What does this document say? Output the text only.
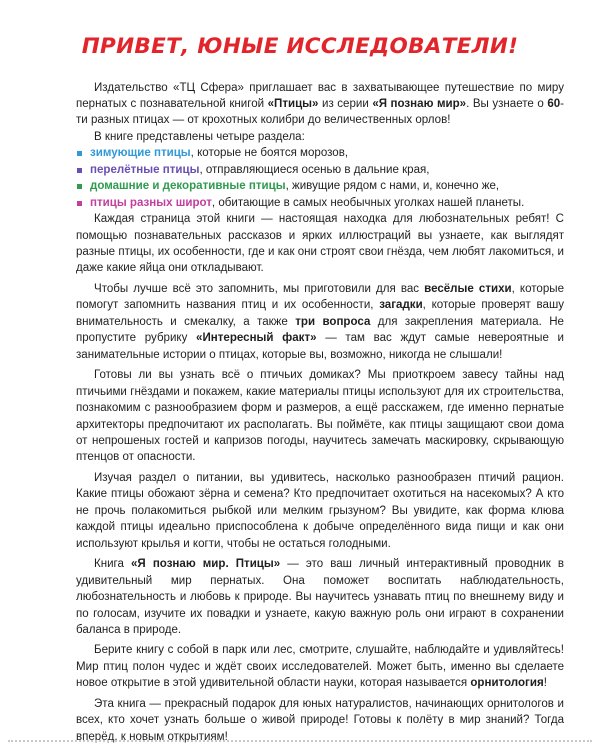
ПРИВЕТ, ЮНЫЕ ИССЛЕДОВАТЕЛИ!

Издательство «ТЦ Сфера» приглашает вас в захватывающее путешествие по миру пернатых с познавательной книгой «Птицы» из серии «Я познаю мир». Вы узнаете о 60-ти разных птицах — от крохотных колибри до величественных орлов!

В книге представлены четыре раздела:

зимующие птицы, которые не боятся морозов,
перелётные птицы, отправляющиеся осенью в дальние края,
домашние и декоративные птицы, живущие рядом с нами, и, конечно же,
птицы разных широт, обитающие в самых необычных уголках нашей планеты.

Каждая страница этой книги — настоящая находка для любознательных ребят! С помощью познавательных рассказов и ярких иллюстраций вы узнаете, как выглядят разные птицы, их особенности, где и как они строят свои гнёзда, чем любят лакомиться, и даже какие яйца они откладывают.

Чтобы лучше всё это запомнить, мы приготовили для вас весёлые стихи, которые помогут запомнить названия птиц и их особенности, загадки, которые проверят вашу внимательность и смекалку, а также три вопроса для закрепления материала. Не пропустите рубрику «Интересный факт» — там вас ждут самые невероятные и занимательные истории о птицах, которые вы, возможно, никогда не слышали!

Готовы ли вы узнать всё о птичьих домиках? Мы приоткроем завесу тайны над птичьими гнёздами и покажем, какие материалы птицы используют для их строительства, познакомим с разнообразием форм и размеров, а ещё расскажем, где именно пернатые архитекторы предпочитают их располагать. Вы поймёте, как птицы защищают свои дома от непрошеных гостей и капризов погоды, научитесь замечать маскировку, скрывающую птенцов от опасности.

Изучая раздел о питании, вы удивитесь, насколько разнообразен птичий рацион. Какие птицы обожают зёрна и семена? Кто предпочитает охотиться на насекомых? А кто не прочь полакомиться рыбкой или мелким грызуном? Вы увидите, как форма клюва каждой птицы идеально приспособлена к добыче определённого вида пищи и как они используют крылья и когти, чтобы не остаться голодными.

Книга «Я познаю мир. Птицы» — это ваш личный интерактивный проводник в удивительный мир пернатых. Она поможет воспитать наблюдательность, любознательность и любовь к природе. Вы научитесь узнавать птиц по внешнему виду и по голосам, изучите их повадки и узнаете, какую важную роль они играют в сохранении баланса в природе.

Берите книгу с собой в парк или лес, смотрите, слушайте, наблюдайте и удивляйтесь! Мир птиц полон чудес и ждёт своих исследователей. Может быть, именно вы сделаете новое открытие в этой удивительной области науки, которая называется орнитология!

Эта книга — прекрасный подарок для юных натуралистов, начинающих орнитологов и всех, кто хочет узнать больше о живой природе! Готовы к полёту в мир знаний? Тогда вперёд, к новым открытиям!
